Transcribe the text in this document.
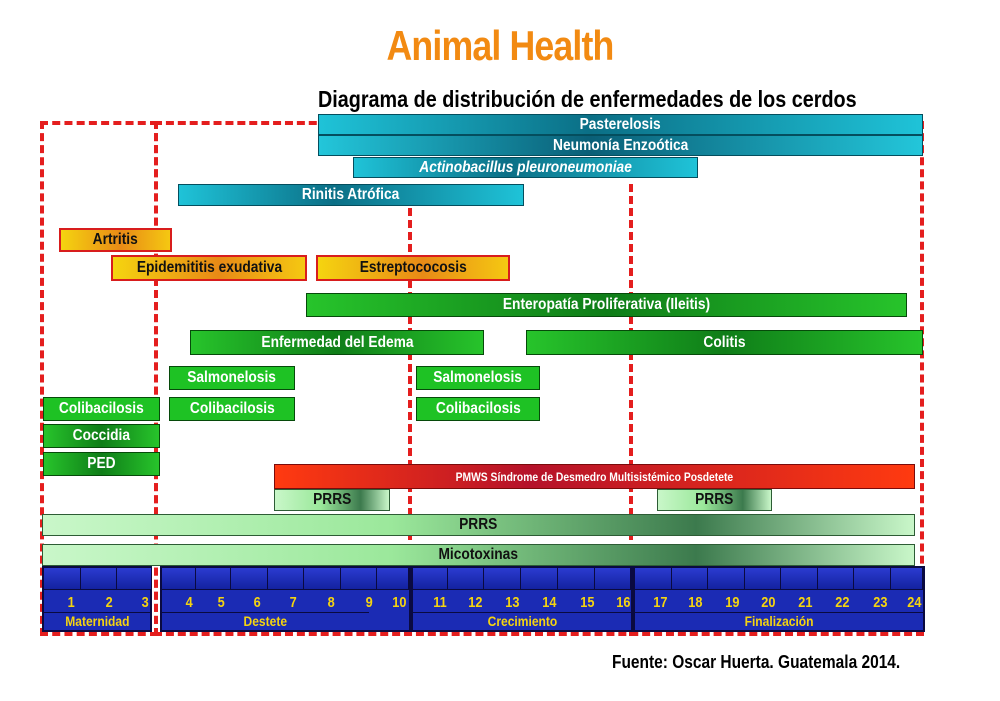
Animal Health
Diagrama de distribución de enfermedades de los cerdos
Pasterelosis
Neumonía Enzoótica
Actinobacillus pleuroneumoniae
Rinitis Atrófica
Artritis
Epidemititis exudativa	Estreptococosis
Enteropatía Proliferativa (Ileitis)
Enfermedad del Edema	Colitis
Salmonelosis	Salmonelosis
Colibacilosis	Colibacilosis	Colibacilosis
Coccidia
PED
PMWS Síndrome de Desmedro Multisistémico Posdetete
PRRS	PRRS
PRRS
Micotoxinas
1	2	3
Maternidad
4	5	6	7	8	9	10
Destete
11	12	13	14	15	16
Crecimiento
17	18	19	20	21	22	23	24
Finalización
Fuente: Oscar Huerta. Guatemala 2014.
